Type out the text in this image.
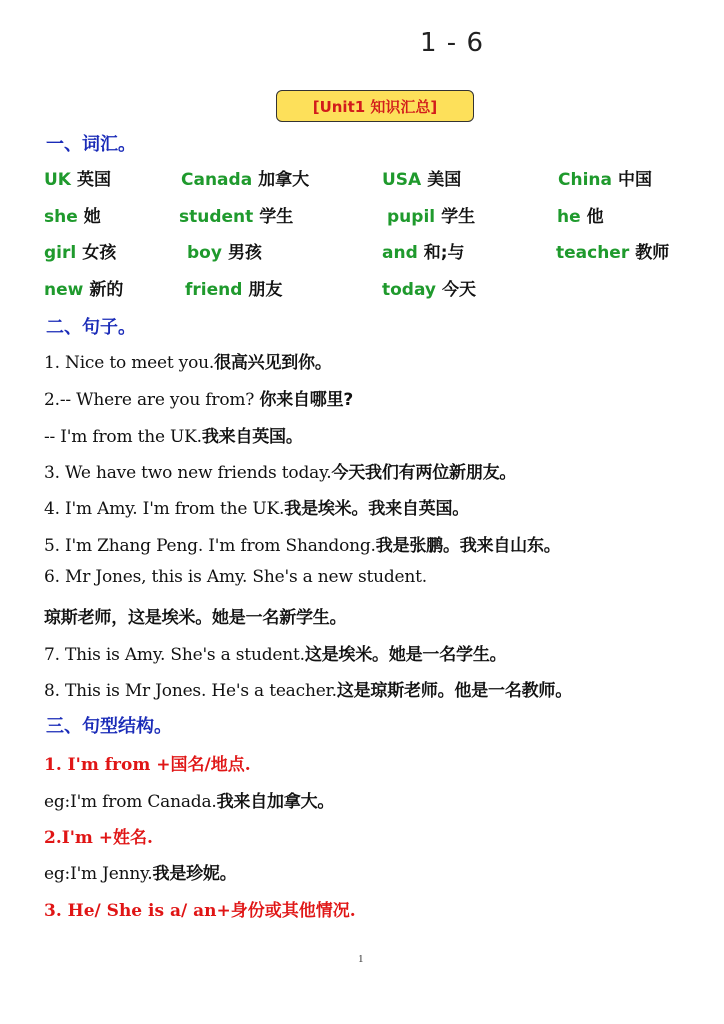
1 - 6
[Unit1 知识汇总]
一、词汇。
UK 英国	Canada 加拿大	USA 美国	China 中国
she 她	student 学生	pupil 学生	he 他
girl 女孩	boy 男孩	and 和;与	teacher 教师
new 新的	friend 朋友	today 今天
二、句子。
1. Nice to meet you.很高兴见到你。
2.-- Where are you from? 你来自哪里?
-- I'm from the UK.我来自英国。
3. We have two new friends today.今天我们有两位新朋友。
4. I'm Amy. I'm from the UK.我是埃米。我来自英国。
5. I'm Zhang Peng. I'm from Shandong.我是张鹏。我来自山东。
6. Mr Jones, this is Amy. She's a new student.
琼斯老师，这是埃米。她是一名新学生。
7. This is Amy. She's a student.这是埃米。她是一名学生。
8. This is Mr Jones. He's a teacher.这是琼斯老师。他是一名教师。
三、句型结构。
1. I'm from +国名/地点.
eg:I'm from Canada.我来自加拿大。
2.I'm +姓名.
eg:I'm Jenny.我是珍妮。
3. He/ She is a/ an+身份或其他情况.
1
